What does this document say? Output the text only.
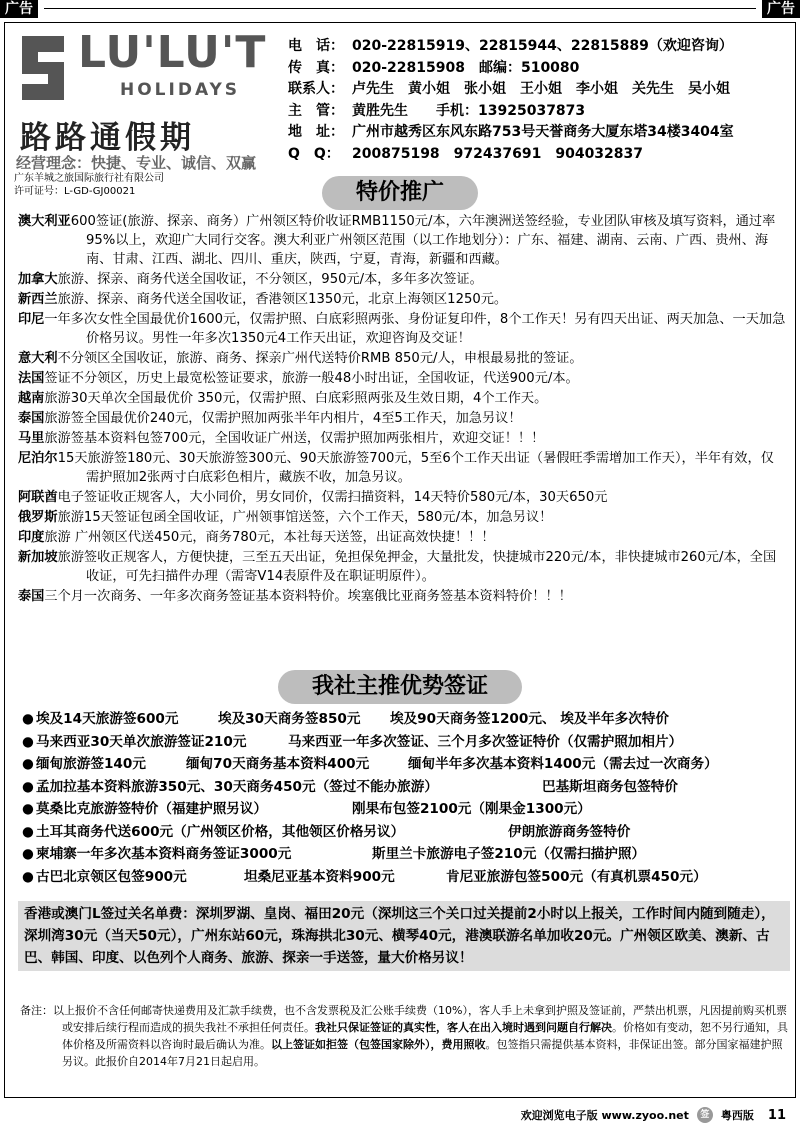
广告	广告
LU'LU'T
HOLIDAYS
路路通假期
经营理念：快捷、专业、诚信、双赢
广东羊城之旅国际旅行社有限公司
许可证号：L-GD-GJ00021
电　话： 020-22815919、22815944、22815889（欢迎咨询）
传　真： 020-22815908　邮编：510080
联系人： 卢先生　黄小姐　张小姐　王小姐　李小姐　关先生　吴小姐
主　管： 黄胜先生　　手机：13925037873
地　址： 广州市越秀区东风东路753号天誉商务大厦东塔34楼3404室
Q　Q： 200875198　972437691　904032837
特价推广
澳大利亚600签证(旅游、探亲、商务）广州领区特价收证RMB1150元/本，六年澳洲送签经验，专业团队审核及填写资料，通过率95%以上，欢迎广大同行交客。澳大利亚广州领区范围（以工作地划分）：广东、福建、湖南、云南、广西、贵州、海南、甘肃、江西、湖北、四川、重庆，陕西，宁夏，青海，新疆和西藏。
加拿大旅游、探亲、商务代送全国收证，不分领区，950元/本，多年多次签证。
新西兰旅游、探亲、商务代送全国收证，香港领区1350元，北京上海领区1250元。
印尼一年多次女性全国最优价1600元，仅需护照、白底彩照两张、身份证复印件，8个工作天！另有四天出证、两天加急、一天加急价格另议。男性一年多次1350元4工作天出证，欢迎咨询及交证！
意大利不分领区全国收证，旅游、商务、探亲广州代送特价RMB 850元/人，申根最易批的签证。
法国签证不分领区，历史上最宽松签证要求，旅游一般48小时出证，全国收证，代送900元/本。
越南旅游30天单次全国最优价 350元，仅需护照、白底彩照两张及生效日期，4个工作天。
泰国旅游签全国最优价240元，仅需护照加两张半年内相片，4至5工作天，加急另议！
马里旅游签基本资料包签700元，全国收证广州送，仅需护照加两张相片，欢迎交证！！！
尼泊尔15天旅游签180元、30天旅游签300元、90天旅游签700元，5至6个工作天出证（暑假旺季需增加工作天），半年有效，仅需护照加2张两寸白底彩色相片，藏族不收，加急另议。
阿联酋电子签证收正规客人，大小同价，男女同价，仅需扫描资料，14天特价580元/本，30天650元
俄罗斯旅游15天签证包函全国收证，广州领事馆送签，六个工作天，580元/本，加急另议！
印度旅游 广州领区代送450元，商务780元，本社每天送签，出证高效快捷！！！
新加坡旅游签收正规客人，方便快捷，三至五天出证，免担保免押金，大量批发，快捷城市220元/本，非快捷城市260元/本，全国收证，可先扫描件办理（需寄V14表原件及在职证明原件）。
泰国三个月一次商务、一年多次商务签证基本资料特价。埃塞俄比亚商务签基本资料特价！！！
我社主推优势签证
● 埃及14天旅游签600元	埃及30天商务签850元 埃及90天商务签1200元、 埃及半年多次特价
● 马来西亚30天单次旅游签证210元	马来西亚一年多次签证、三个月多次签证特价（仅需护照加相片）
● 缅甸旅游签140元	缅甸70天商务基本资料400元	缅甸半年多次基本资料1400元（需去过一次商务）
● 孟加拉基本资料旅游350元、30天商务450元（签过不能办旅游）	巴基斯坦商务包签特价
● 莫桑比克旅游签特价（福建护照另议）	刚果布包签2100元（刚果金1300元）
● 土耳其商务代送600元（广州领区价格，其他领区价格另议）	伊朗旅游商务签特价
● 柬埔寨一年多次基本资料商务签证3000元	斯里兰卡旅游电子签210元（仅需扫描护照）
● 古巴北京领区包签900元	坦桑尼亚基本资料900元	肯尼亚旅游包签500元（有真机票450元）
香港或澳门L签过关名单费：深圳罗湖、皇岗、福田20元（深圳这三个关口过关提前2小时以上报关，工作时间内随到随走），深圳湾30元（当天50元），广州东站60元，珠海拱北30元、横琴40元，港澳联游名单加收20元。广州领区欧美、澳新、古巴、韩国、印度、以色列个人商务、旅游、探亲一手送签，量大价格另议！
备注：以上报价不含任何邮寄快递费用及汇款手续费，也不含发票税及汇公账手续费（10%），客人手上未拿到护照及签证前，严禁出机票，凡因提前购买机票或安排后续行程而造成的损失我社不承担任何责任。我社只保证签证的真实性，客人在出入境时遇到问题自行解决。价格如有变动，恕不另行通知，具体价格及所需资料以咨询时最后确认为准。以上签证如拒签（包签国家除外），费用照收。包签指只需提供基本资料，非保证出签。部分国家福建护照另议。此报价自2014年7月21日起启用。
欢迎浏览电子版 www.zyoo.net	签	粤西版 11
